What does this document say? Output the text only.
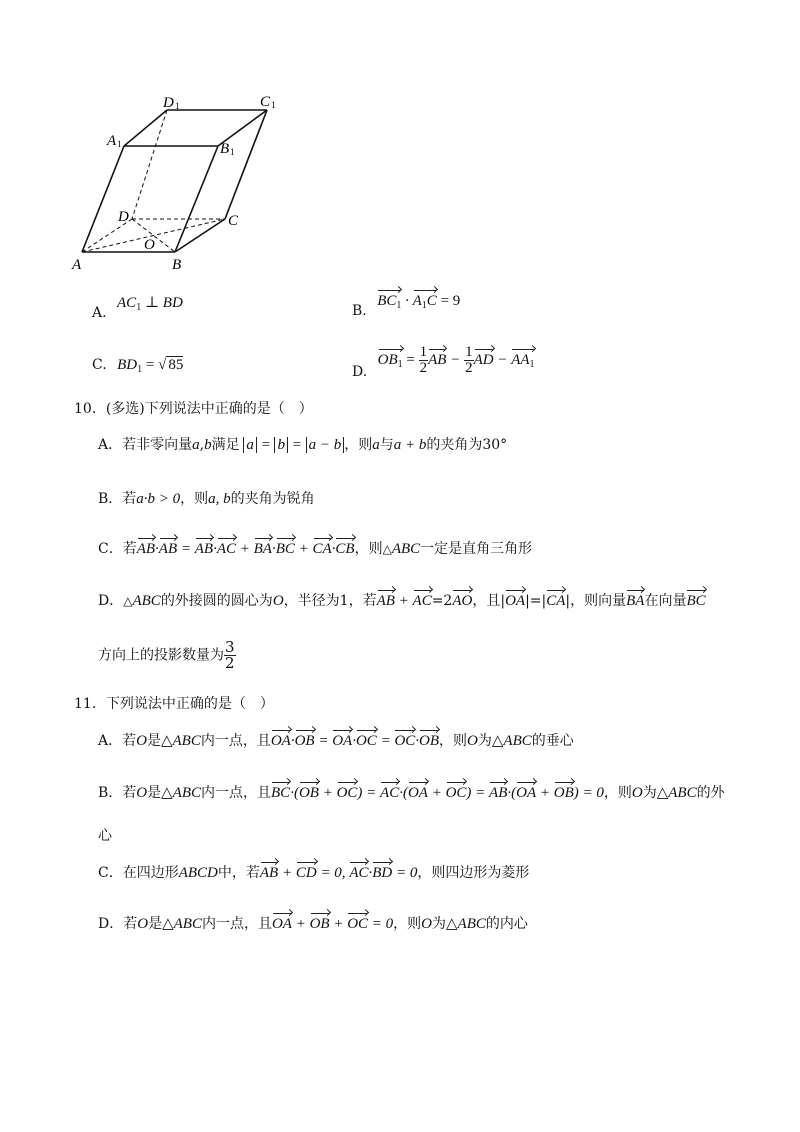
D 1	C 1
A 1	B 1
D	C
O
A	B
A. $AC_1$ ⊥ BD	B. $BC_1 \cdot A_1C = 9$
C. $BD_1$ = √ 85	D. $OB_1 = \frac{1}{2}$ AB − $\frac{1}{2}$ AD − $AA_1$
10．(多选)下列说法中正确的是（　）
A．若非零向量a,b满足 a = b = a − b ，则a与a + b的夹角为30°
B．若a·b > 0，则a, b的夹角为锐角
C．若AB·AB = AB·AC + BA·BC + CA·CB，则△ABC一定是直角三角形
D．△ABC的外接圆的圆心为O，半径为1，若AB + AC=2AO，且|OA|=|CA|，则向量BA在向量BC
方向上的投影数量为 $\frac{3}{2}$
11．下列说法中正确的是（　）
A．若O是△ABC内一点，且OA·OB = OA·OC = OC·OB，则O为△ABC的垂心
B．若O是△ABC内一点，且BC·(OB + OC) = AC·(OA + OC) = AB·(OA + OB) = 0，则O为△ABC的外
心
C．在四边形ABCD中，若AB + CD = 0, AC·BD = 0，则四边形为菱形
D．若O是△ABC内一点，且OA + OB + OC = 0，则O为△ABC的内心
